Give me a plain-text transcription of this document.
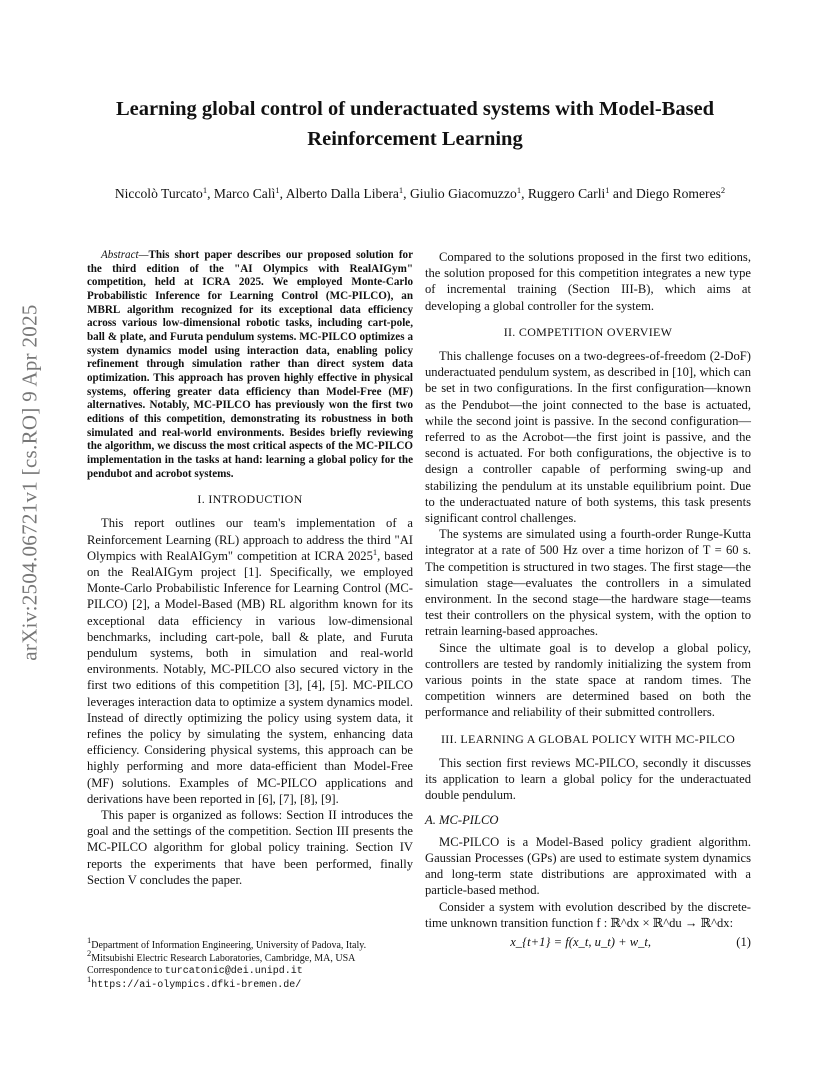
arXiv:2504.06721v1 [cs.RO] 9 Apr 2025
Learning global control of underactuated systems with Model-Based
Reinforcement Learning
Niccolò Turcato$^1$, Marco Calì$^1$, Alberto Dalla Libera$^1$, Giulio Giacomuzzo$^1$, Ruggero Carli$^1$ and Diego Romeres$^2$

Abstract—This short paper describes our proposed solution for the third edition of the "AI Olympics with RealAIGym" competition, held at ICRA 2025. We employed Monte-Carlo Probabilistic Inference for Learning Control (MC-PILCO), an MBRL algorithm recognized for its exceptional data efficiency across various low-dimensional robotic tasks, including cart-pole, ball & plate, and Furuta pendulum systems. MC-PILCO optimizes a system dynamics model using interaction data, enabling policy refinement through simulation rather than direct system data optimization. This approach has proven highly effective in physical systems, offering greater data efficiency than Model-Free (MF) alternatives. Notably, MC-PILCO has previously won the first two editions of this competition, demonstrating its robustness in both simulated and real-world environments. Besides briefly reviewing the algorithm, we discuss the most critical aspects of the MC-PILCO implementation in the tasks at hand: learning a global policy for the pendubot and acrobot systems.

I. INTRODUCTION

This report outlines our team's implementation of a Reinforcement Learning (RL) approach to address the third "AI Olympics with RealAIGym" competition at ICRA 2025$^1$, based on the RealAIGym project [1]. Specifically, we employed Monte-Carlo Probabilistic Inference for Learning Control (MC-PILCO) [2], a Model-Based (MB) RL algorithm known for its exceptional data efficiency in various low-dimensional benchmarks, including cart-pole, ball & plate, and Furuta pendulum systems, both in simulation and real-world environments. Notably, MC-PILCO also secured victory in the first two editions of this competition [3], [4], [5]. MC-PILCO leverages interaction data to optimize a system dynamics model. Instead of directly optimizing the policy using system data, it refines the policy by simulating the system, enhancing data efficiency. Considering physical systems, this approach can be highly performing and more data-efficient than Model-Free (MF) solutions. Examples of MC-PILCO applications and derivations have been reported in [6], [7], [8], [9].

This paper is organized as follows: Section II introduces the goal and the settings of the competition. Section III presents the MC-PILCO algorithm for global policy training. Section IV reports the experiments that have been performed, finally Section V concludes the paper.

$^1$Department of Information Engineering, University of Padova, Italy.
$^2$Mitsubishi Electric Research Laboratories, Cambridge, MA, USA
Correspondence to turcatonic@dei.unipd.it
$^1$https://ai-olympics.dfki-bremen.de/

Compared to the solutions proposed in the first two editions, the solution proposed for this competition integrates a new type of incremental training (Section III-B), which aims at developing a global controller for the system.

II. COMPETITION OVERVIEW

This challenge focuses on a two-degrees-of-freedom (2-DoF) underactuated pendulum system, as described in [10], which can be set in two configurations. In the first configuration—known as the Pendubot—the joint connected to the base is actuated, while the second joint is passive. In the second configuration—referred to as the Acrobot—the first joint is passive, and the second is actuated. For both configurations, the objective is to design a controller capable of performing swing-up and stabilizing the pendulum at its unstable equilibrium point. Due to the underactuated nature of both systems, this task presents significant control challenges.

The systems are simulated using a fourth-order Runge-Kutta integrator at a rate of 500 Hz over a time horizon of T = 60 s. The competition is structured in two stages. The first stage—the simulation stage—evaluates the controllers in a simulated environment. In the second stage—the hardware stage—teams test their controllers on the physical system, with the option to retrain learning-based approaches.

Since the ultimate goal is to develop a global policy, controllers are tested by randomly initializing the system from various points in the state space at random times. The competition winners are determined based on both the performance and reliability of their submitted controllers.

III. LEARNING A GLOBAL POLICY WITH MC-PILCO

This section first reviews MC-PILCO, secondly it discusses its application to learn a global policy for the underactuated double pendulum.

A. MC-PILCO

MC-PILCO is a Model-Based policy gradient algorithm. Gaussian Processes (GPs) are used to estimate system dynamics and long-term state distributions are approximated with a particle-based method.

Consider a system with evolution described by the discrete-time unknown transition function f : ℝ^dx × ℝ^du → ℝ^dx:

x_{t+1} = f(x_t, u_t) + w_t,	(1)
